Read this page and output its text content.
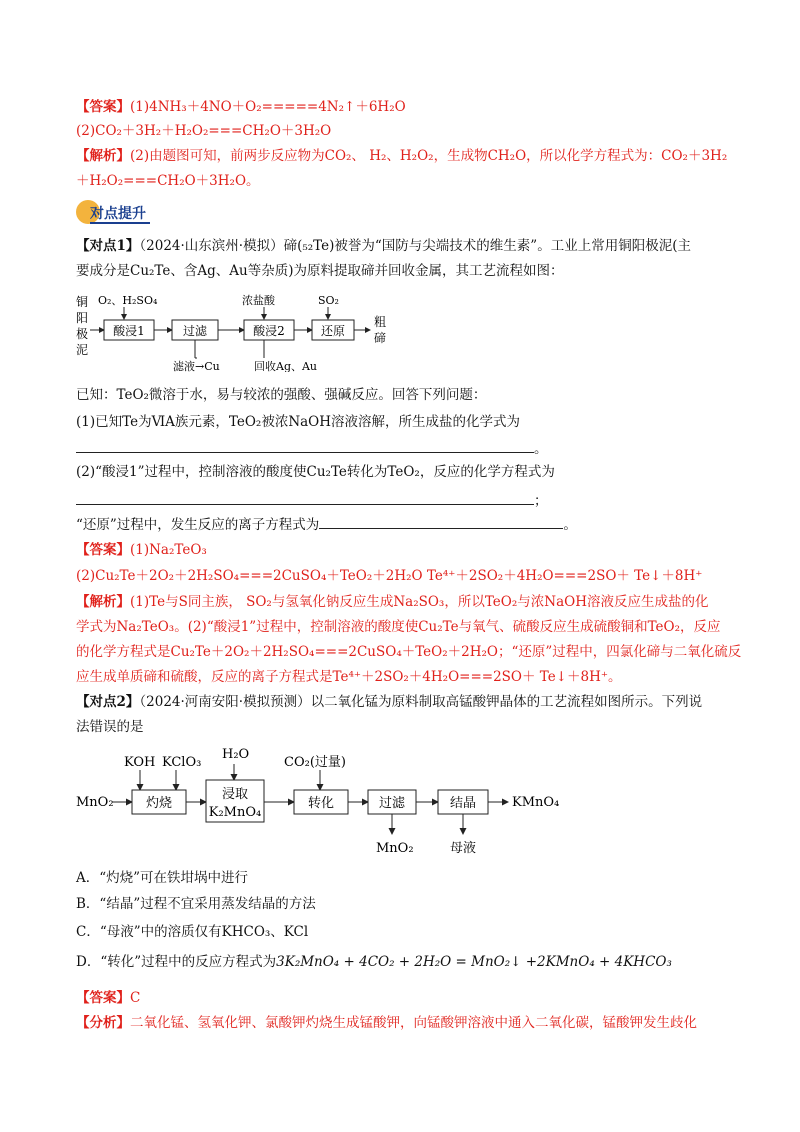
【答案】(1)4NH₃＋4NO＋O₂=====4N₂↑＋6H₂O
(2)CO₂＋3H₂＋H₂O₂===CH₂O＋3H₂O
【解析】(2)由题图可知，前两步反应物为CO₂、 H₂、H₂O₂，生成物CH₂O，所以化学方程式为：CO₂＋3H₂
＋H₂O₂===CH₂O＋3H₂O。
对点提升
【对点1】（2024·山东滨州·模拟）碲(₅₂Te)被誉为“国防与尖端技术的维生素”。工业上常用铜阳极泥(主
要成分是Cu₂Te、含Ag、Au等杂质)为原料提取碲并回收金属，其工艺流程如图：
铜
阳
极
泥
O₂、H₂SO₄
酸浸1	过滤
滤液→Cu
浓盐酸
酸浸2
回收Ag、Au
SO₂
还原
粗
碲
已知：TeO₂微溶于水，易与较浓的强酸、强碱反应。回答下列问题：
(1)已知Te为ⅥA族元素，TeO₂被浓NaOH溶液溶解，所生成盐的化学式为
。
(2)“酸浸1”过程中，控制溶液的酸度使Cu₂Te转化为TeO₂，反应的化学方程式为
；
“还原”过程中，发生反应的离子方程式为	。
【答案】(1)Na₂TeO₃
(2)Cu₂Te＋2O₂＋2H₂SO₄===2CuSO₄＋TeO₂＋2H₂O Te⁴⁺＋2SO₂＋4H₂O===2SO＋ Te↓＋8H⁺
【解析】(1)Te与S同主族， SO₂与氢氧化钠反应生成Na₂SO₃，所以TeO₂与浓NaOH溶液反应生成盐的化
学式为Na₂TeO₃。(2)“酸浸1”过程中，控制溶液的酸度使Cu₂Te与氧气、硫酸反应生成硫酸铜和TeO₂，反应
的化学方程式是Cu₂Te＋2O₂＋2H₂SO₄===2CuSO₄＋TeO₂＋2H₂O；“还原”过程中，四氯化碲与二氧化硫反
应生成单质碲和硫酸，反应的离子方程式是Te⁴⁺＋2SO₂＋4H₂O===2SO＋ Te↓＋8H⁺。
【对点2】（2024·河南安阳·模拟预测）以二氧化锰为原料制取高锰酸钾晶体的工艺流程如图所示。下列说
法错误的是
MnO₂
KOH KClO₃
灼烧
H₂O
浸取
K₂MnO₄
CO₂(过量)
转化	过滤
MnO₂
结晶
母液
KMnO₄
A．“灼烧”可在铁坩埚中进行
B．“结晶”过程不宜采用蒸发结晶的方法
C．“母液”中的溶质仅有KHCO₃、KCl
D．“转化”过程中的反应方程式为3K₂MnO₄ + 4CO₂ + 2H₂O = MnO₂↓ +2KMnO₄ + 4KHCO₃
【答案】C
【分析】二氧化锰、氢氧化钾、氯酸钾灼烧生成锰酸钾，向锰酸钾溶液中通入二氧化碳，锰酸钾发生歧化
